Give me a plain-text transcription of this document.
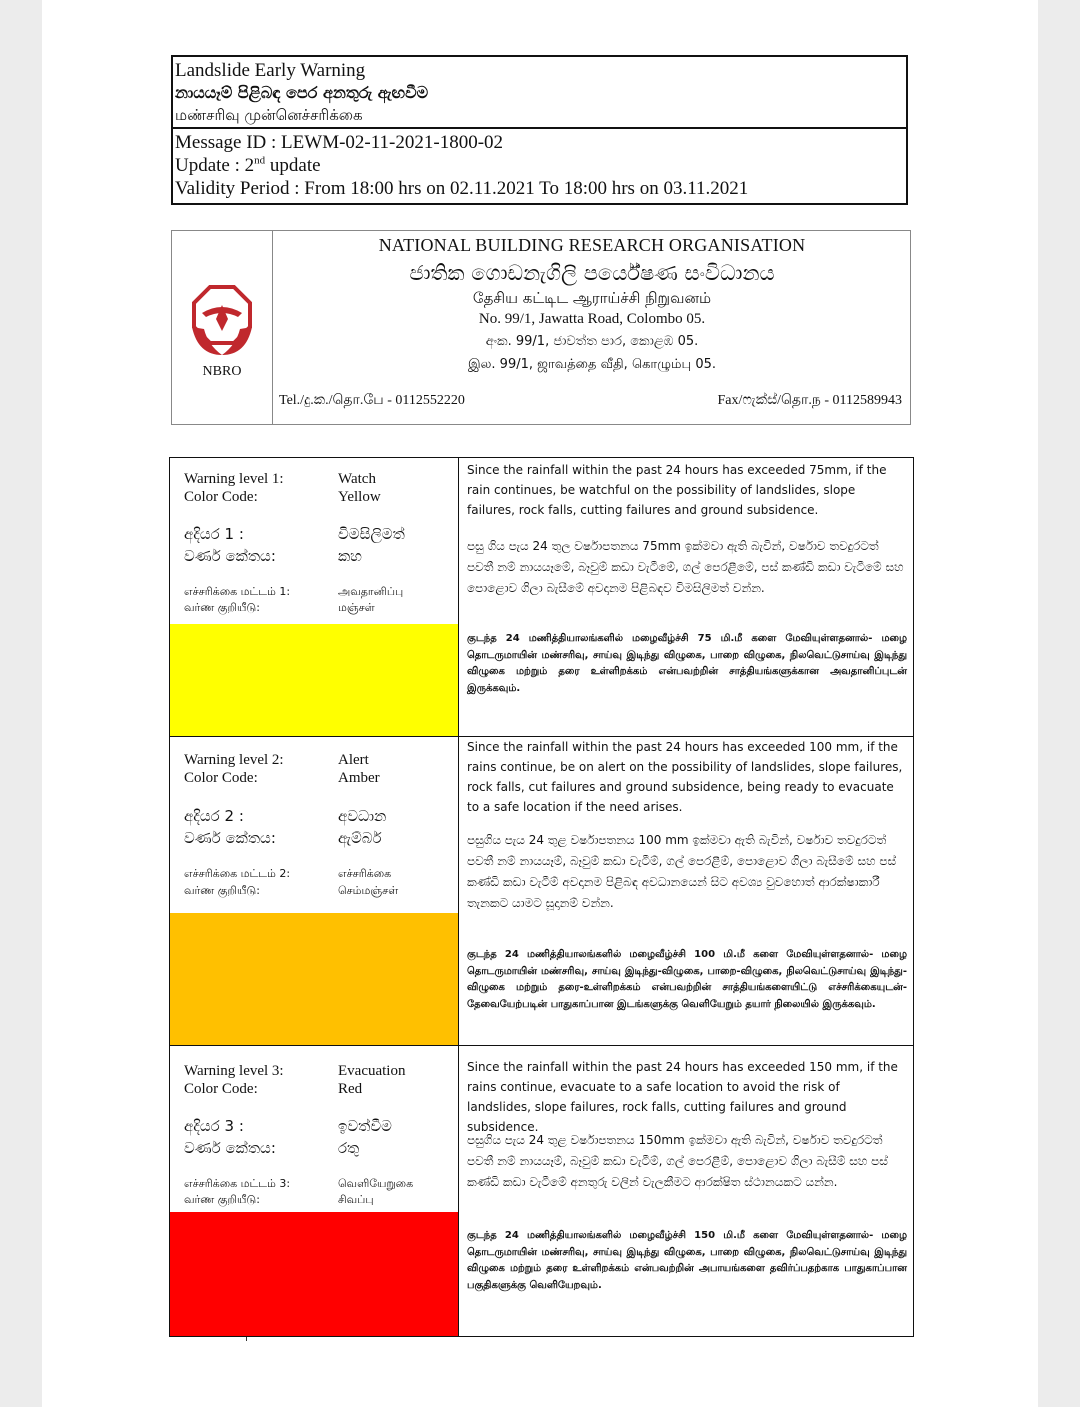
Landslide Early Warning
නායයෑම් පිළිබඳ පෙර අනතුරු ඇඟවීම
மண்சரிவு முன்னெச்சரிக்கை
Message ID : LEWM-02-11-2021-1800-02
Update : 2nd update
Validity Period : From 18:00 hrs on 02.11.2021 To 18:00 hrs on 03.11.2021
NBRO
NATIONAL BUILDING RESEARCH ORGANISATION
ජාතික ගොඩනැගිලි පර්යේෂණ සංවිධානය
தேசிய கட்டிட ஆராய்ச்சி நிறுவனம்
No. 99/1, Jawatta Road, Colombo 05.
අංක. 99/1, ජාවත්ත පාර, කොළඹ 05.
இல. 99/1, ஜாவத்தை வீதி, கொழும்பு 05.
Tel./දු.ක./தொ.பே - 0112552220	Fax/ෆැක්ස්/தொ.ந - 0112589943
Warning level 1:	Watch
Color Code:	Yellow
අදියර 1 :	විමසිලිමත්
වර්ණ කේතය:	කහ
எச்சரிக்கை மட்டம் 1:	அவதானிப்பு
வர்ண குறியீடு:	மஞ்சள்
Since the rainfall within the past 24 hours has exceeded 75mm, if the rain continues, be watchful on the possibility of landslides, slope failures, rock falls, cutting failures and ground subsidence.
පසු ගිය පැය 24 තුල වර්ෂාපතනය 75mm ඉක්මවා ඇති බැවින්, වර්ෂාව තවදුරටත් පවතී නම් නායයෑමේ, බෑවුම් කඩා වැටීමේ, ගල් පෙරළීමේ, පස් කණ්ඩි කඩා වැටීමේ සහ පොළොව ගිලා බැසීමේ අවදානම පිළිබඳව විමසිලිමත් වන්න.
குடந்த 24 மணித்தியாலங்களில் மழைவீழ்ச்சி 75 மி.மீ களை மேவியுள்ளதனால்- மழை தொடருமாயின் மண்சரிவு, சாய்வு இடிந்து விழுகை, பாறை விழுகை, நிலவெட்டுசாய்வு இடிந்து விழுகை மற்றும் தரை உள்ளிறக்கம் என்பவற்றின் சாத்தியங்களுக்கான அவதானிப்புடன் இருக்கவும்.
Warning level 2:	Alert
Color Code:	Amber
අදියර 2 :	අවධාන
වර්ණ කේතය:	ඇම්බර්
எச்சரிக்கை மட்டம் 2:	எச்சரிக்கை
வர்ண குறியீடு:	செம்மஞ்சள்
Since the rainfall within the past 24 hours has exceeded 100 mm, if the rains continue, be on alert on the possibility of landslides, slope failures, rock falls, cut failures and ground subsidence, being ready to evacuate to a safe location if the need arises.
පසුගිය පැය 24 තුළ වර්ෂාපතනය 100 mm ඉක්මවා ඇති බැවින්, වර්ෂාව තවදුරටත් පවතී නම් නායයෑම්, බෑවුම් කඩා වැටීම්, ගල් පෙරළීම්, පොළොව ගිලා බැසීමේ සහ පස් කණ්ඩි කඩා වැටීම් අවදානම පිළිබඳ අවධානයෙන් සිට අවශ්‍ය වුවහොත් ආරක්ෂාකාරී තැනකට යාමට සූදානම් වන්න.
குடந்த 24 மணித்தியாலங்களில் மழைவீழ்ச்சி 100 மி.மீ களை மேவியுள்ளதனால்- மழை தொடருமாயின் மண்சரிவு, சாய்வு இடிந்து-விழுகை, பாறை-விழுகை, நிலவெட்டுசாய்வு இடிந்து-விழுகை மற்றும் தரை-உள்ளிறக்கம் என்பவற்றின் சாத்தியங்களையிட்டு எச்சரிக்கையுடன்- தேவையேற்படின் பாதுகாப்பான இடங்களுக்கு வெளியேறும் தயார் நிலையில் இருக்கவும்.
Warning level 3:	Evacuation
Color Code:	Red
අදියර 3 :	ඉවත්වීම
වර්ණ කේතය:	රතු
எச்சரிக்கை மட்டம் 3:	வெளியேறுகை
வர்ண குறியீடு:	சிவப்பு
Since the rainfall within the past 24 hours has exceeded 150 mm, if the rains continue, evacuate to a safe location to avoid the risk of landslides, slope failures, rock falls, cutting failures and ground subsidence.
පසුගිය පැය 24 තුළ වර්ෂාපතනය 150mm ඉක්මවා ඇති බැවින්, වර්ෂාව තවදුරටත් පවතී නම් නායයෑම්, බෑවුම් කඩා වැටීම්, ගල් පෙරළීම්, පොළොව ගිලා බැසීම් සහ පස් කණ්ඩි කඩා වැටීමේ අනතුරු වලින් වැලකීමට ආරක්ෂිත ස්ථානයකට යන්න.
குடந்த 24 மணித்தியாலங்களில் மழைவீழ்ச்சி 150 மி.மீ களை மேவியுள்ளதனால்- மழை தொடருமாயின் மண்சரிவு, சாய்வு இடிந்து விழுகை, பாறை விழுகை, நிலவெட்டுசாய்வு இடிந்து விழுகை மற்றும் தரை உள்ளிறக்கம் என்பவற்றின் அபாயங்களை தவிர்ப்பதற்காக பாதுகாப்பான பகுதிகளுக்கு வெளியேறவும்.
